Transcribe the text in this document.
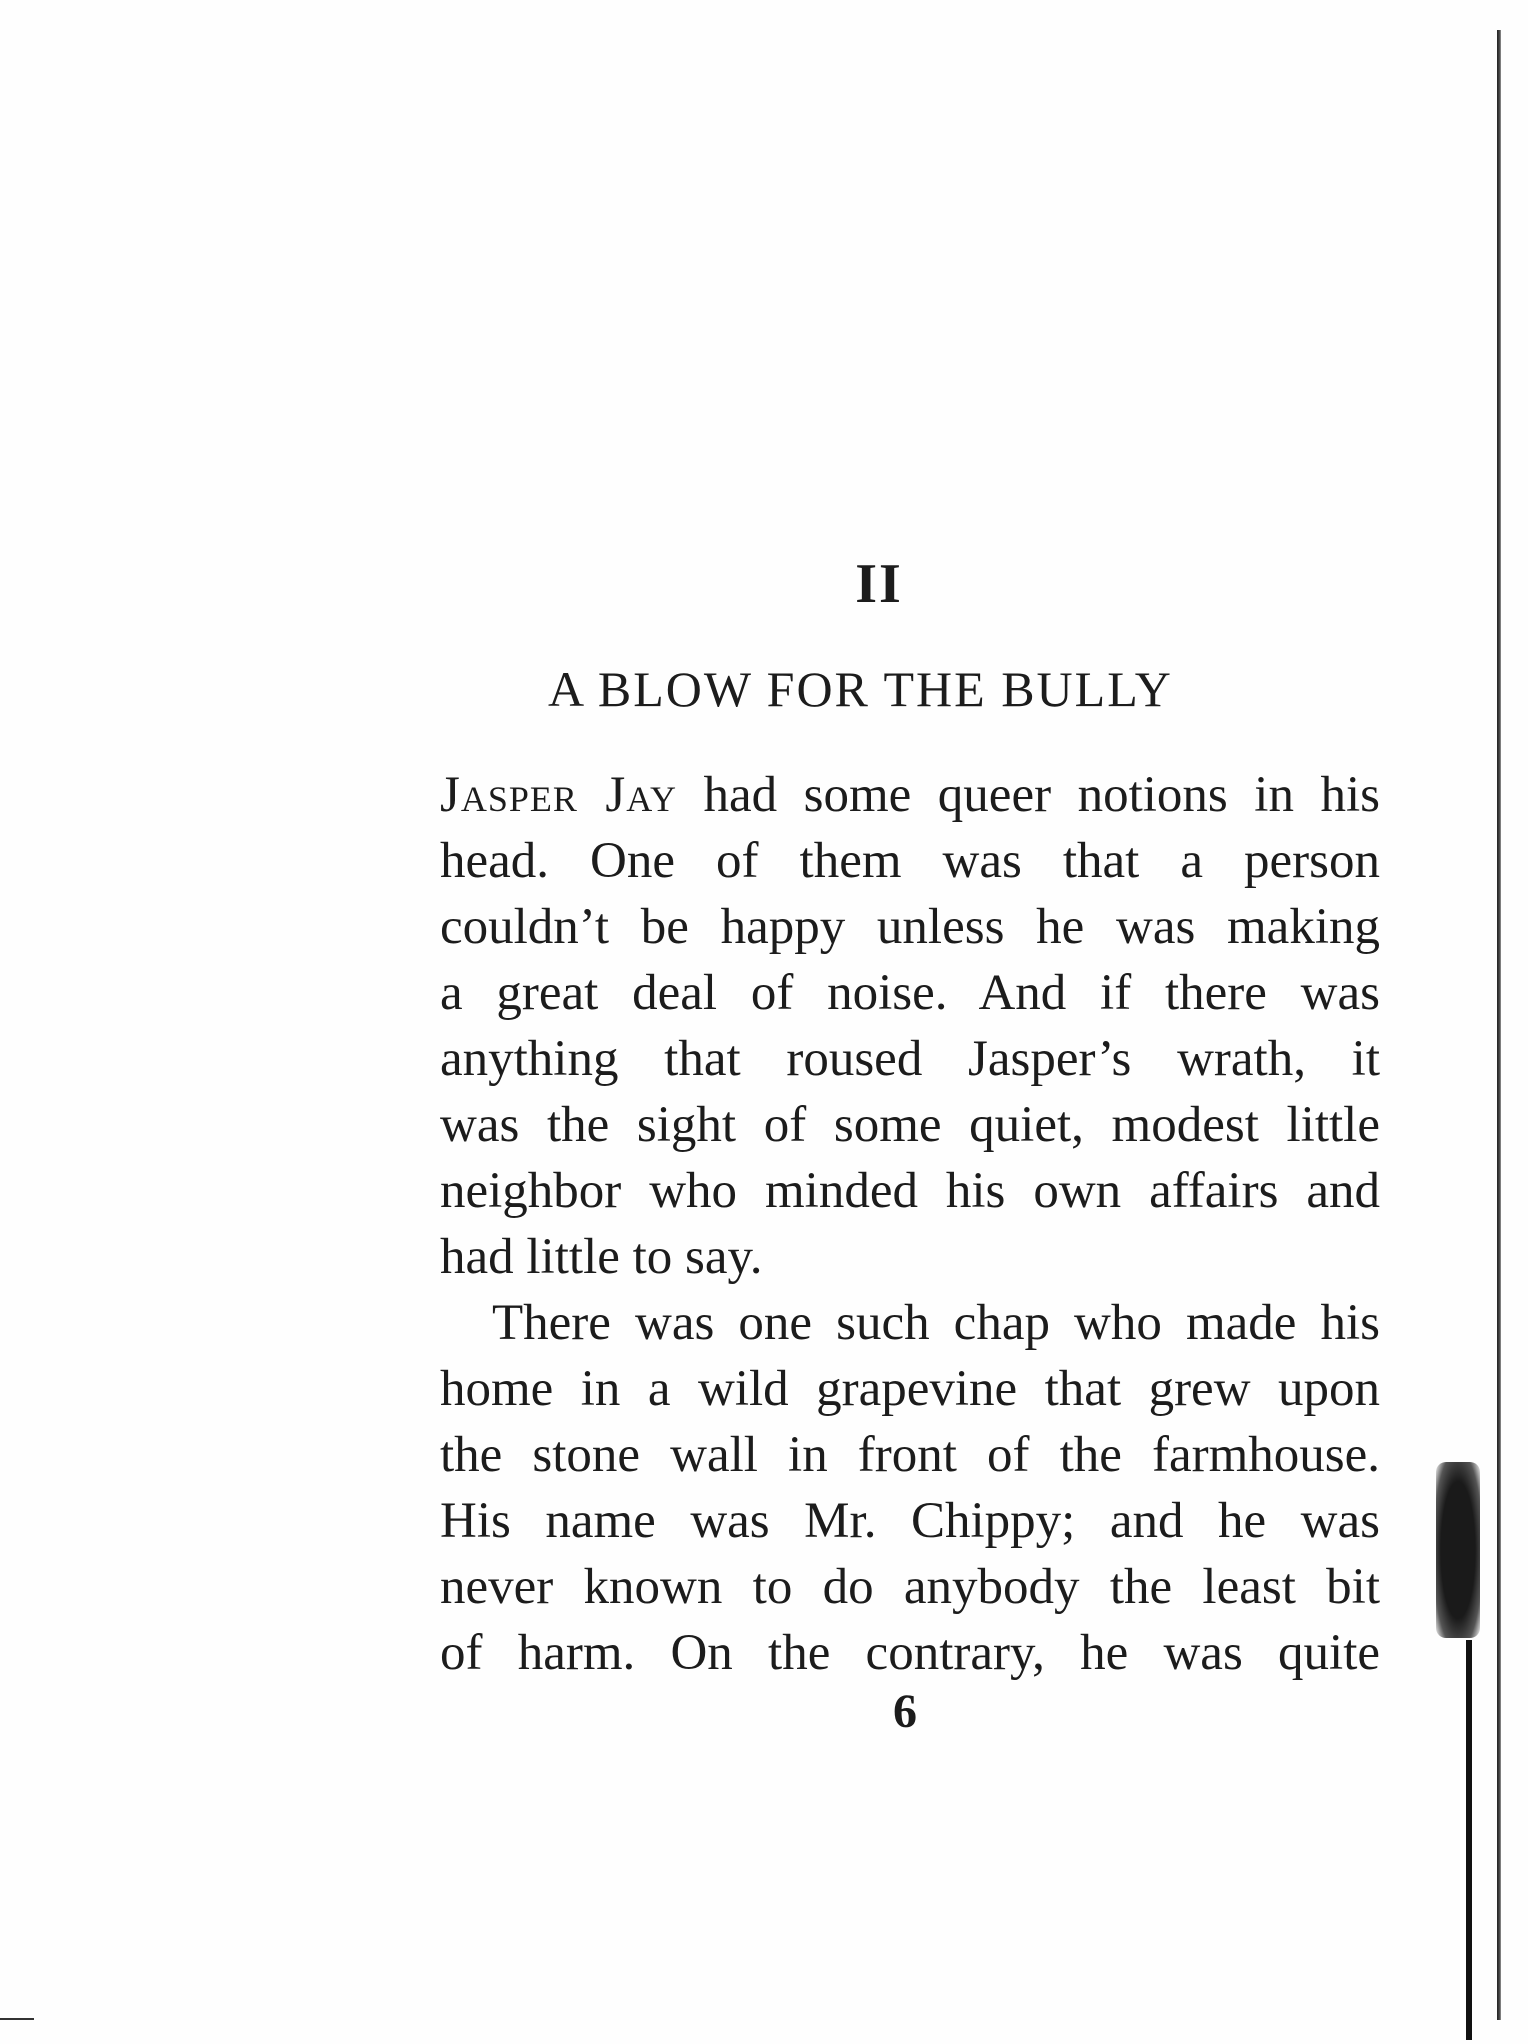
II
A BLOW FOR THE BULLY
Jasper Jay had some queer notions in his
head. One of them was that a person
couldn’t be happy unless he was making
a great deal of noise. And if there was
anything that roused Jasper’s wrath, it
was the sight of some quiet, modest little
neighbor who minded his own affairs and
had little to say.
There was one such chap who made his
home in a wild grapevine that grew upon
the stone wall in front of the farmhouse.
His name was Mr. Chippy; and he was
never known to do anybody the least bit
of harm. On the contrary, he was quite
6
